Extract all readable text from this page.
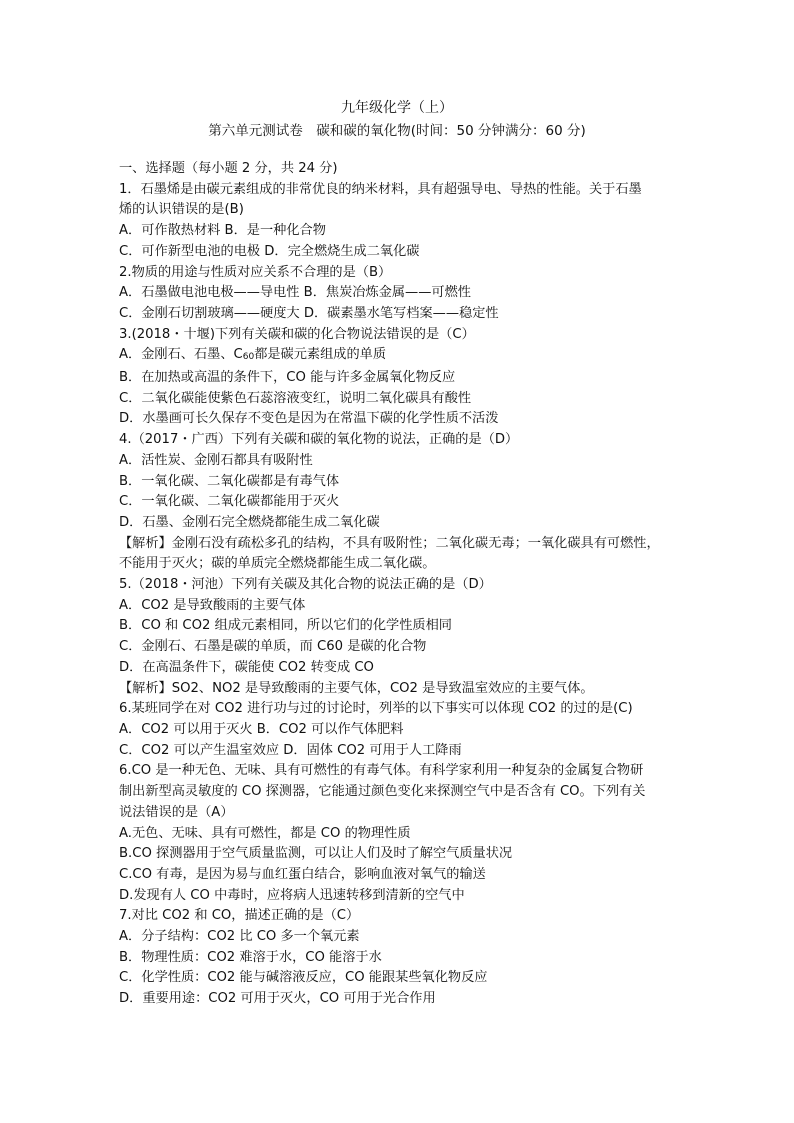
九年级化学（上）
第六单元测试卷　碳和碳的氧化物(时间：50 分钟满分：60 分)
一、选择题（每小题 2 分，共 24 分)
1．石墨烯是由碳元素组成的非常优良的纳米材料，具有超强导电、导热的性能。关于石墨
烯的认识错误的是(B)
A．可作散热材料 B．是一种化合物
C．可作新型电池的电极 D．完全燃烧生成二氧化碳
2.物质的用途与性质对应关系不合理的是（B）
A．石墨做电池电极——导电性 B．焦炭冶炼金属——可燃性
C．金刚石切割玻璃——硬度大 D．碳素墨水笔写档案——稳定性
3.(2018・十堰)下列有关碳和碳的化合物说法错误的是（C）
A．金刚石、石墨、C60都是碳元素组成的单质
B．在加热或高温的条件下，CO 能与许多金属氧化物反应
C．二氧化碳能使紫色石蕊溶液变红，说明二氧化碳具有酸性
D．水墨画可长久保存不变色是因为在常温下碳的化学性质不活泼
4.（2017・广西）下列有关碳和碳的氧化物的说法，正确的是（D）
A．活性炭、金刚石都具有吸附性
B．一氧化碳、二氧化碳都是有毒气体
C．一氧化碳、二氧化碳都能用于灭火
D．石墨、金刚石完全燃烧都能生成二氧化碳
【解析】金刚石没有疏松多孔的结构，不具有吸附性；二氧化碳无毒；一氧化碳具有可燃性，
不能用于灭火；碳的单质完全燃烧都能生成二氧化碳。
5.（2018・河池）下列有关碳及其化合物的说法正确的是（D）
A．CO2 是导致酸雨的主要气体
B．CO 和 CO2 组成元素相同，所以它们的化学性质相同
C．金刚石、石墨是碳的单质，而 C60 是碳的化合物
D．在高温条件下，碳能使 CO2 转变成 CO
【解析】SO2、NO2 是导致酸雨的主要气体，CO2 是导致温室效应的主要气体。
6.某班同学在对 CO2 进行功与过的讨论时，列举的以下事实可以体现 CO2 的过的是(C)
A．CO2 可以用于灭火 B．CO2 可以作气体肥料
C．CO2 可以产生温室效应 D．固体 CO2 可用于人工降雨
6.CO 是一种无色、无味、具有可燃性的有毒气体。有科学家利用一种复杂的金属复合物研
制出新型高灵敏度的 CO 探测器，它能通过颜色变化来探测空气中是否含有 CO。下列有关
说法错误的是（A）
A.无色、无味、具有可燃性，都是 CO 的物理性质
B.CO 探测器用于空气质量监测，可以让人们及时了解空气质量状况
C.CO 有毒，是因为易与血红蛋白结合，影响血液对氧气的输送
D.发现有人 CO 中毒时，应将病人迅速转移到清新的空气中
7.对比 CO2 和 CO，描述正确的是（C）
A．分子结构：CO2 比 CO 多一个氧元素
B．物理性质：CO2 难溶于水，CO 能溶于水
C．化学性质：CO2 能与碱溶液反应，CO 能跟某些氧化物反应
D．重要用途：CO2 可用于灭火，CO 可用于光合作用
